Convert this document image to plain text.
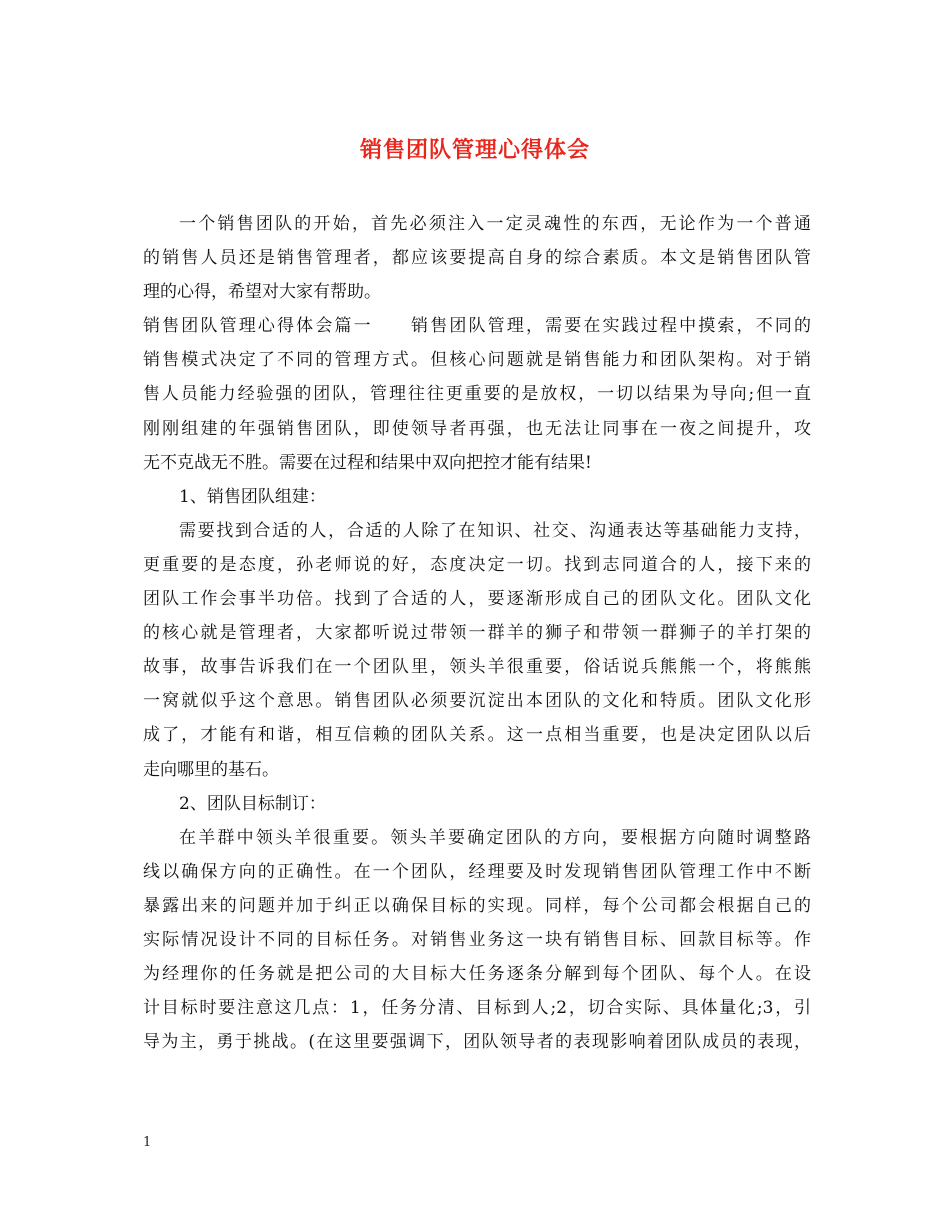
销售团队管理心得体会
一个销售团队的开始，首先必须注入一定灵魂性的东西，无论作为一个普通
的销售人员还是销售管理者，都应该要提高自身的综合素质。本文是销售团队管
理的心得，希望对大家有帮助。
销售团队管理心得体会篇一　　销售团队管理，需要在实践过程中摸索，不同的
销售模式决定了不同的管理方式。但核心问题就是销售能力和团队架构。对于销
售人员能力经验强的团队，管理往往更重要的是放权，一切以结果为导向;但一直
刚刚组建的年强销售团队，即使领导者再强，也无法让同事在一夜之间提升，攻
无不克战无不胜。需要在过程和结果中双向把控才能有结果!
1、销售团队组建：
需要找到合适的人，合适的人除了在知识、社交、沟通表达等基础能力支持，
更重要的是态度，孙老师说的好，态度决定一切。找到志同道合的人，接下来的
团队工作会事半功倍。找到了合适的人，要逐渐形成自己的团队文化。团队文化
的核心就是管理者，大家都听说过带领一群羊的狮子和带领一群狮子的羊打架的
故事，故事告诉我们在一个团队里，领头羊很重要，俗话说兵熊熊一个，将熊熊
一窝就似乎这个意思。销售团队必须要沉淀出本团队的文化和特质。团队文化形
成了，才能有和谐，相互信赖的团队关系。这一点相当重要，也是决定团队以后
走向哪里的基石。
2、团队目标制订：
在羊群中领头羊很重要。领头羊要确定团队的方向，要根据方向随时调整路
线以确保方向的正确性。在一个团队，经理要及时发现销售团队管理工作中不断
暴露出来的问题并加于纠正以确保目标的实现。同样，每个公司都会根据自己的
实际情况设计不同的目标任务。对销售业务这一块有销售目标、回款目标等。作
为经理你的任务就是把公司的大目标大任务逐条分解到每个团队、每个人。在设
计目标时要注意这几点：1，任务分清、目标到人;2，切合实际、具体量化;3，引
导为主，勇于挑战。(在这里要强调下，团队领导者的表现影响着团队成员的表现，
1
